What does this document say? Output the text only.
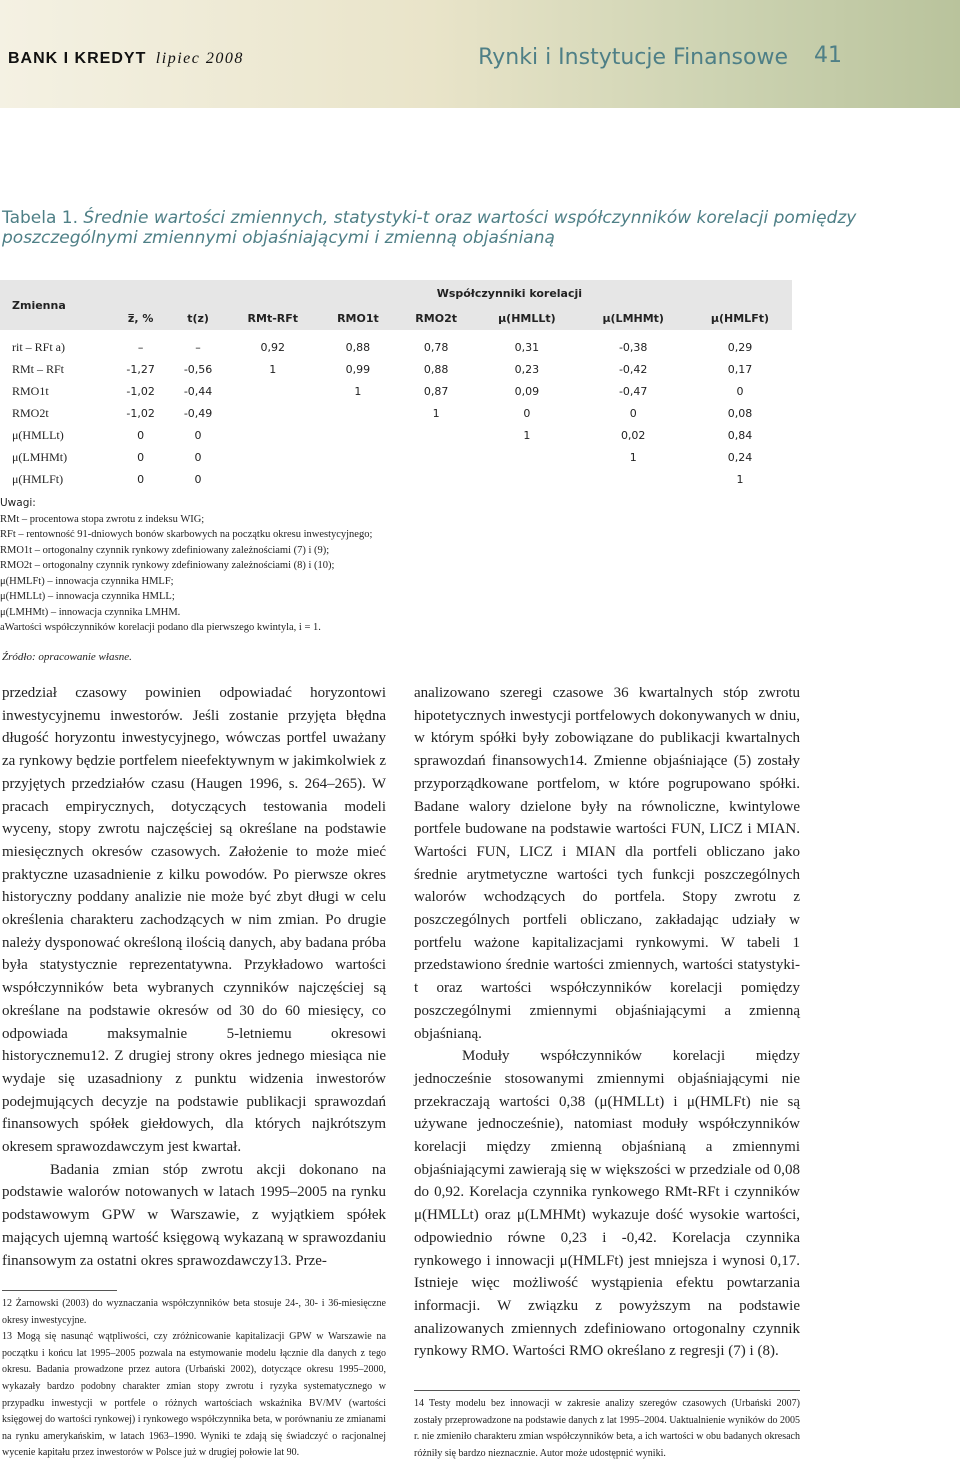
BANK I KREDYT lipiec 2008	Rynki i Instytucje Finansowe 41
Tabela 1. Średnie wartości zmiennych, statystyki-t oraz wartości współczynników korelacji pomiędzy poszczególnymi zmiennymi objaśniającymi i zmienną objaśnianą
Zmienna			Współczynniki korelacji					
	z̅, %	t(z)	RMt-RFt	RMO1t	RMO2t	μ(HMLLt)	μ(LMHMt)	μ(HMLFt)
rit – RFt a)	–	–	0,92	0,88	0,78	0,31	-0,38	0,29
RMt – RFt	-1,27	-0,56	1	0,99	0,88	0,23	-0,42	0,17
RMO1t	-1,02	-0,44		1	0,87	0,09	-0,47	0
RMO2t	-1,02	-0,49			1	0	0	0,08
μ(HMLLt)	0	0				1	0,02	0,84
μ(LMHMt)	0	0					1	0,24
μ(HMLFt)	0	0						1
Uwagi:
RMt – procentowa stopa zwrotu z indeksu WIG;
RFt – rentowność 91-dniowych bonów skarbowych na początku okresu inwestycyjnego;
RMO1t – ortogonalny czynnik rynkowy zdefiniowany zależnościami (7) i (9);
RMO2t – ortogonalny czynnik rynkowy zdefiniowany zależnościami (8) i (10);
μ(HMLFt) – innowacja czynnika HMLF;
μ(HMLLt) – innowacja czynnika HMLL;
μ(LMHMt) – innowacja czynnika LMHM.
aWartości współczynników korelacji podano dla pierwszego kwintyla, i = 1.
Źródło: opracowanie własne.

przedział czasowy powinien odpowiadać horyzontowi inwestycyjnemu inwestorów. Jeśli zostanie przyjęta błędna długość horyzontu inwestycyjnego, wówczas portfel uważany za rynkowy będzie portfelem nieefektywnym w jakimkolwiek z przyjętych przedziałów czasu (Haugen 1996, s. 264–265). W pracach empirycznych, dotyczących testowania modeli wyceny, stopy zwrotu najczęściej są określane na podstawie miesięcznych okresów czasowych. Założenie to może mieć praktyczne uzasadnienie z kilku powodów. Po pierwsze okres historyczny poddany analizie nie może być zbyt długi w celu określenia charakteru zachodzących w nim zmian. Po drugie należy dysponować określoną ilością danych, aby badana próba była statystycznie reprezentatywna. Przykładowo wartości współczynników beta wybranych czynników najczęściej są określane na podstawie okresów od 30 do 60 miesięcy, co odpowiada maksymalnie 5-letniemu okresowi historycznemu12. Z drugiej strony okres jednego miesiąca nie wydaje się uzasadniony z punktu widzenia inwestorów podejmujących decyzje na podstawie publikacji sprawozdań finansowych spółek giełdowych, dla których najkrótszym okresem sprawozdawczym jest kwartał.

Badania zmian stóp zwrotu akcji dokonano na podstawie walorów notowanych w latach 1995–2005 na rynku podstawowym GPW w Warszawie, z wyjątkiem spółek mających ujemną wartość księgową wykazaną w sprawozdaniu finansowym za ostatni okres sprawozdawczy13. Prze-

analizowano szeregi czasowe 36 kwartalnych stóp zwrotu hipotetycznych inwestycji portfelowych dokonywanych w dniu, w którym spółki były zobowiązane do publikacji kwartalnych sprawozdań finansowych14. Zmienne objaśniające (5) zostały przyporządkowane portfelom, w które pogrupowano spółki. Badane walory dzielone były na równoliczne, kwintylowe portfele budowane na podstawie wartości FUN, LICZ i MIAN. Wartości FUN, LICZ i MIAN dla portfeli obliczano jako średnie arytmetyczne wartości tych funkcji poszczególnych walorów wchodzących do portfela. Stopy zwrotu z poszczególnych portfeli obliczano, zakładając udziały w portfelu ważone kapitalizacjami rynkowymi. W tabeli 1 przedstawiono średnie wartości zmiennych, wartości statystyki-t oraz wartości współczynników korelacji pomiędzy poszczególnymi zmiennymi objaśniającymi a zmienną objaśnianą.

Moduły współczynników korelacji między jednocześnie stosowanymi zmiennymi objaśniającymi nie przekraczają wartości 0,38 (μ(HMLLt) i μ(HMLFt) nie są używane jednocześnie), natomiast moduły współczynników korelacji między zmienną objaśnianą a zmiennymi objaśniającymi zawierają się w większości w przedziale od 0,08 do 0,92. Korelacja czynnika rynkowego RMt-RFt i czynników μ(HMLLt) oraz μ(LMHMt) wykazuje dość wysokie wartości, odpowiednio równe 0,23 i -0,42. Korelacja czynnika rynkowego i innowacji μ(HMLFt) jest mniejsza i wynosi 0,17. Istnieje więc możliwość wystąpienia efektu powtarzania informacji. W związku z powyższym na podstawie analizowanych zmiennych zdefiniowano ortogonalny czynnik rynkowy RMO. Wartości RMO określano z regresji (7) i (8).

12 Żarnowski (2003) do wyznaczania współczynników beta stosuje 24-, 30- i 36-miesięczne okresy inwestycyjne.

13 Mogą się nasunąć wątpliwości, czy zróżnicowanie kapitalizacji GPW w Warszawie na początku i końcu lat 1995–2005 pozwala na estymowanie modelu łącznie dla danych z tego okresu. Badania prowadzone przez autora (Urbański 2002), dotyczące okresu 1995–2000, wykazały bardzo podobny charakter zmian stopy zwrotu i ryzyka systematycznego w przypadku inwestycji w portfele o różnych wartościach wskaźnika BV/MV (wartości księgowej do wartości rynkowej) i rynkowego współczynnika beta, w porównaniu ze zmianami na rynku amerykańskim, w latach 1963–1990. Wyniki te zdają się świadczyć o racjonalnej wycenie kapitału przez inwestorów w Polsce już w drugiej połowie lat 90.

14 Testy modelu bez innowacji w zakresie analizy szeregów czasowych (Urbański 2007) zostały przeprowadzone na podstawie danych z lat 1995–2004. Uaktualnienie wyników do 2005 r. nie zmieniło charakteru zmian współczynników beta, a ich wartości w obu badanych okresach różniły się bardzo nieznacznie. Autor może udostępnić wyniki.
